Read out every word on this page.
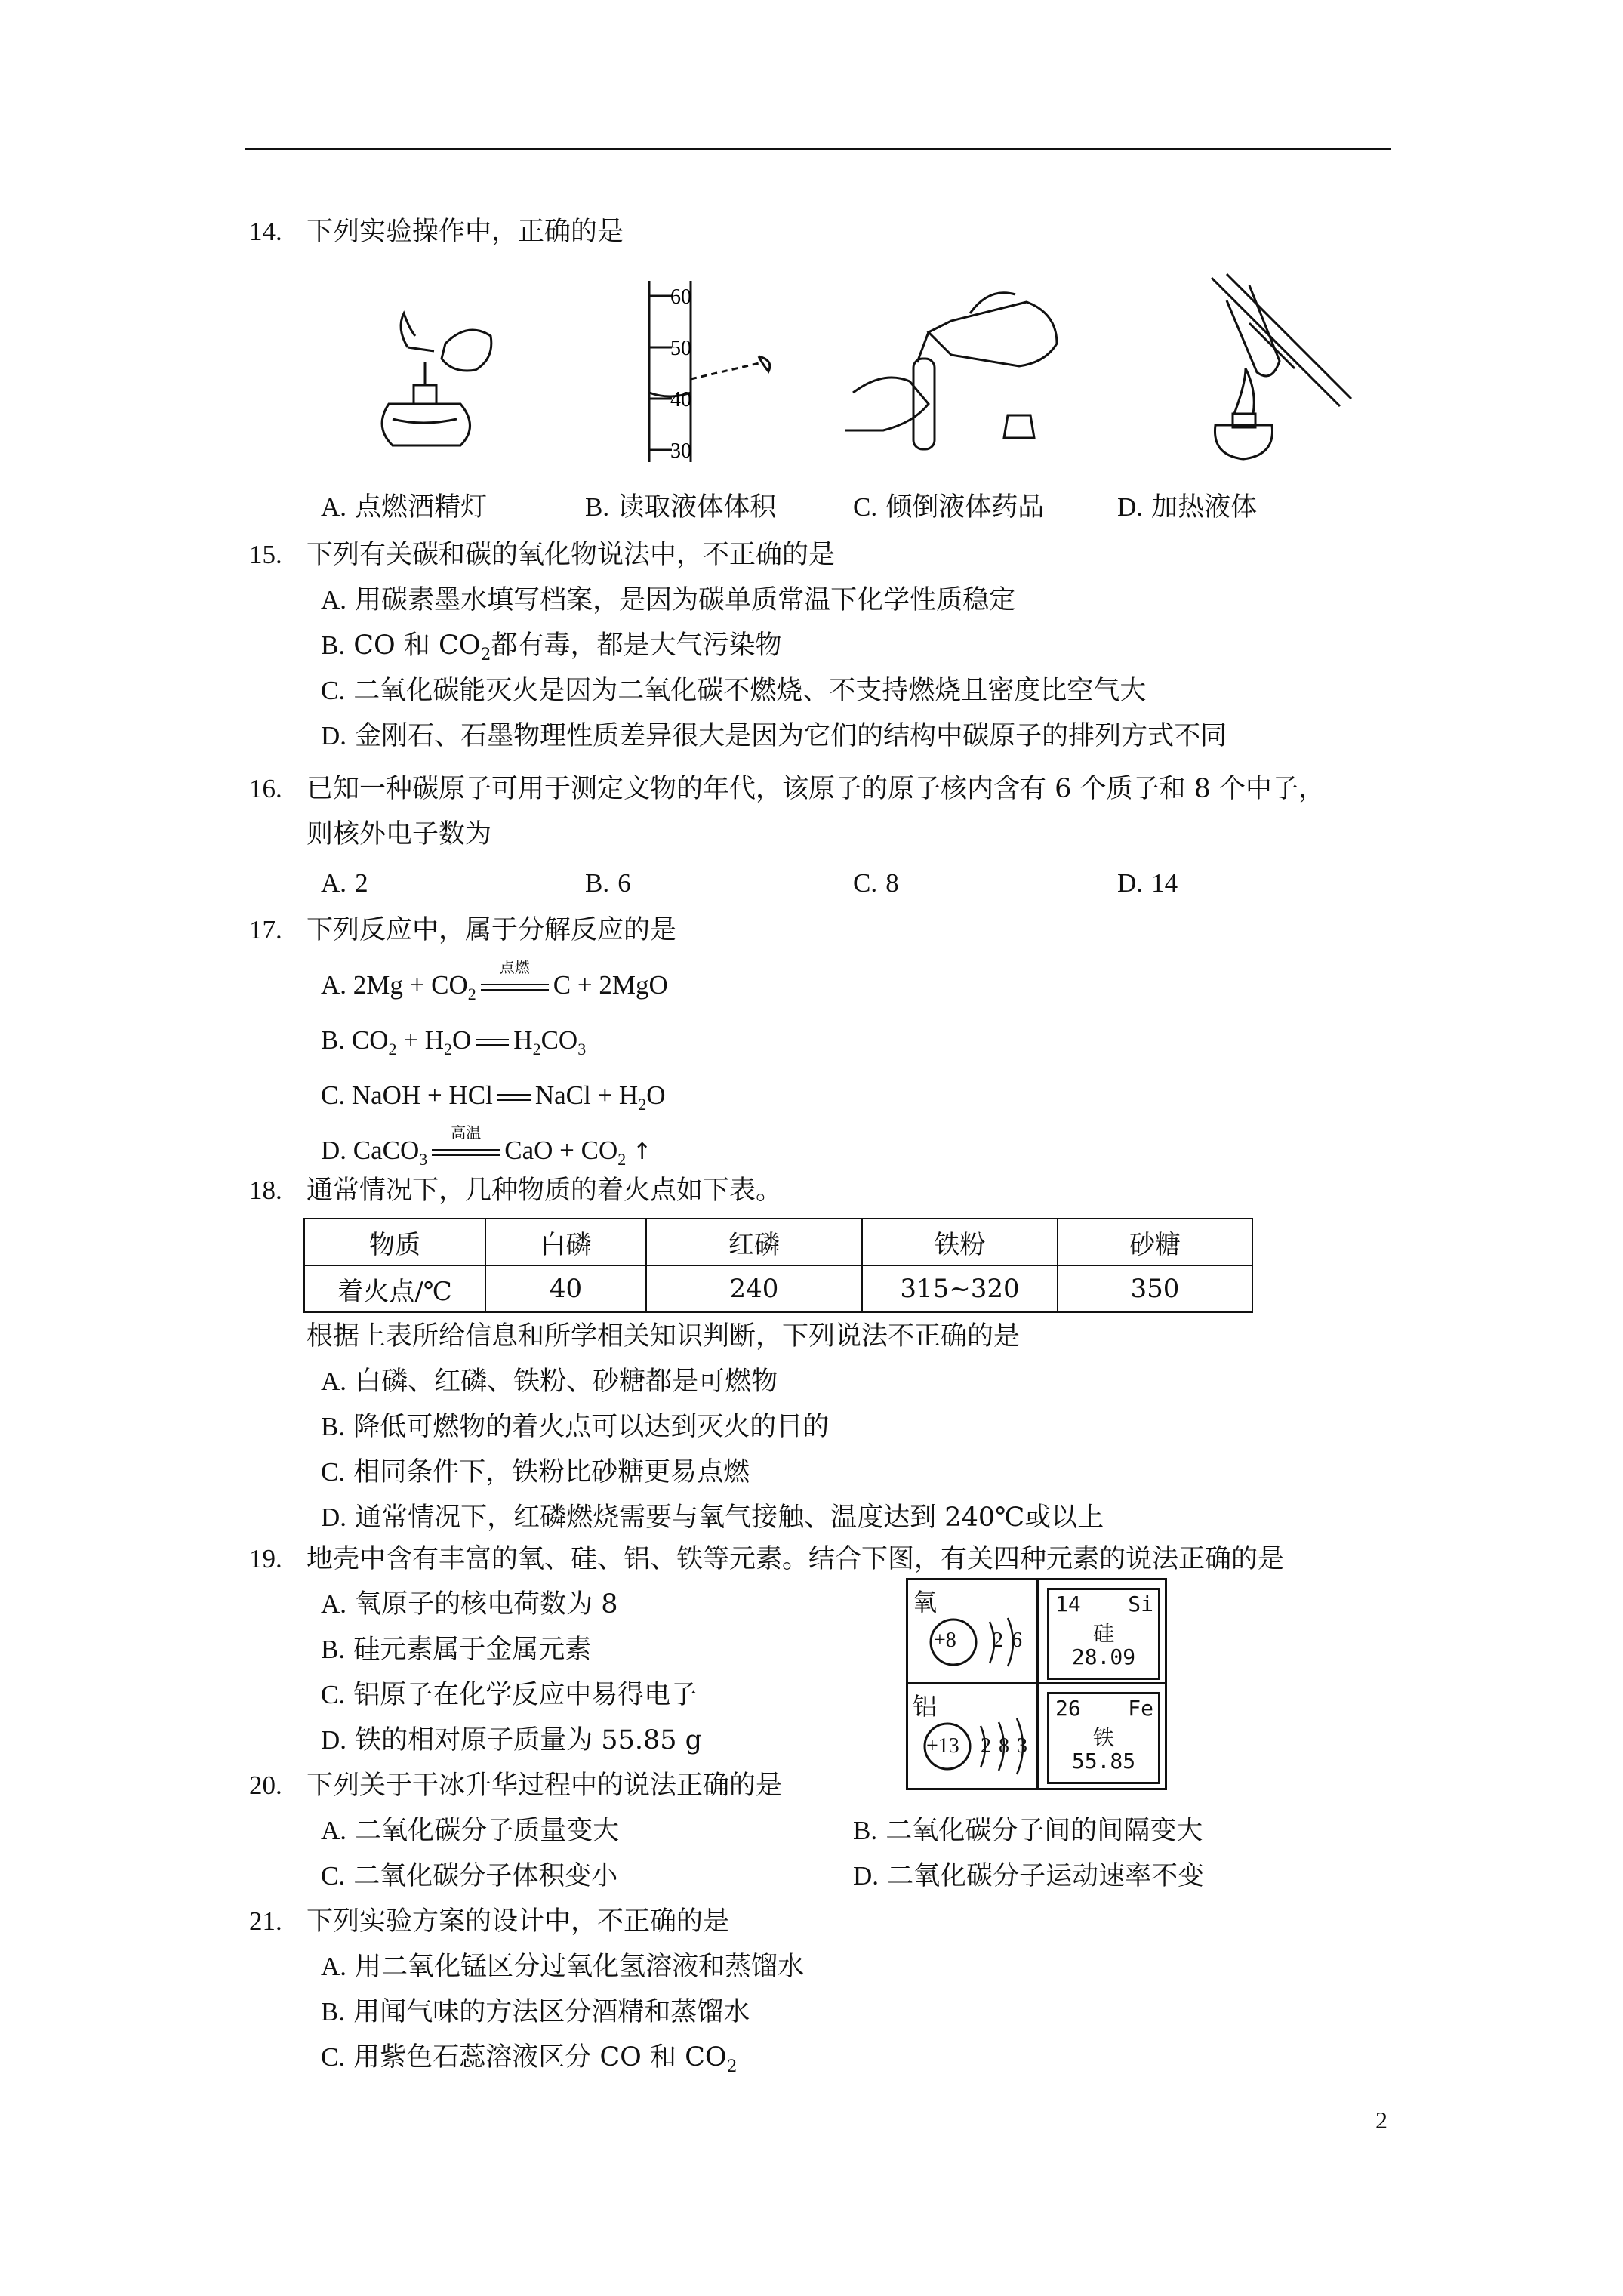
14. 下列实验操作中，正确的是
60
50
40
30
A. 点燃酒精灯	B. 读取液体体积	C. 倾倒液体药品	D. 加热液体
15. 下列有关碳和碳的氧化物说法中，不正确的是
A. 用碳素墨水填写档案，是因为碳单质常温下化学性质稳定
B. CO 和 $CO_2$都有毒，都是大气污染物
C. 二氧化碳能灭火是因为二氧化碳不燃烧、不支持燃烧且密度比空气大
D. 金刚石、石墨物理性质差异很大是因为它们的结构中碳原子的排列方式不同
16. 已知一种碳原子可用于测定文物的年代，该原子的原子核内含有 6 个质子和 8 个中子，
则核外电子数为
A. 2	B. 6	C. 8	D. 14
17. 下列反应中，属于分解反应的是
A. $2Mg + CO_2$
点燃
C + 2MgO
B. $CO_2 + H_2O$ $H_2CO_3$
C. NaOH + HCl NaCl + $H_2O$
D. CaCO$_3$
高温
CaO + $CO_2$ ↑
18. 通常情况下，几种物质的着火点如下表。
物质	白磷	红磷	铁粉	砂糖
着火点/℃	40	240	315~320	350
根据上表所给信息和所学相关知识判断，下列说法不正确的是
A. 白磷、红磷、铁粉、砂糖都是可燃物
B. 降低可燃物的着火点可以达到灭火的目的
C. 相同条件下，铁粉比砂糖更易点燃
D. 通常情况下，红磷燃烧需要与氧气接触、温度达到 240℃或以上
19. 地壳中含有丰富的氧、硅、铝、铁等元素。结合下图，有关四种元素的说法正确的是
A. 氧原子的核电荷数为 8
B. 硅元素属于金属元素
C. 铝原子在化学反应中易得电子
D. 铁的相对原子质量为 55.85 g
氧
+8 2 6
14 Si
硅
28.09
铝
+13 2 8 3
26 Fe
铁
55.85
20. 下列关于干冰升华过程中的说法正确的是
A. 二氧化碳分子质量变大	B. 二氧化碳分子间的间隔变大
C. 二氧化碳分子体积变小	D. 二氧化碳分子运动速率不变
21. 下列实验方案的设计中，不正确的是
A. 用二氧化锰区分过氧化氢溶液和蒸馏水
B. 用闻气味的方法区分酒精和蒸馏水
C. 用紫色石蕊溶液区分 CO 和 $CO_2$
2
